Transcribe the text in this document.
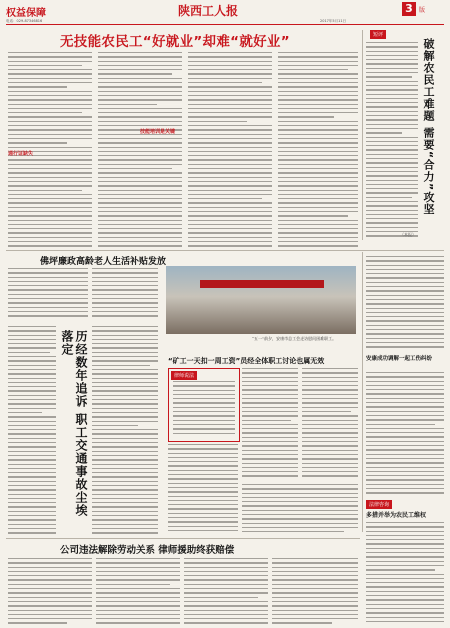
权益保障	陕西工人报	3	版
电话：029-87346816	2017年5月11日
无技能农民工“好就业”却难“就好业”
通行证缺失
技能培训是关键
短评
破解农民工难题 需要“合力”攻坚
（本报）
佛坪廉政高龄老人生活补贴发放
“五一”前夕，安康市总工会走访慰问困难职工。
历经数年追诉 职工交通事故尘埃落定
安康成功调解一起工伤纠纷
“矿工一天扣一周工资”员经全体职工讨论也属无效
律师说法
法律咨询
多措并举为农民工维权
公司违法解除劳动关系 律师援助终获赔偿
